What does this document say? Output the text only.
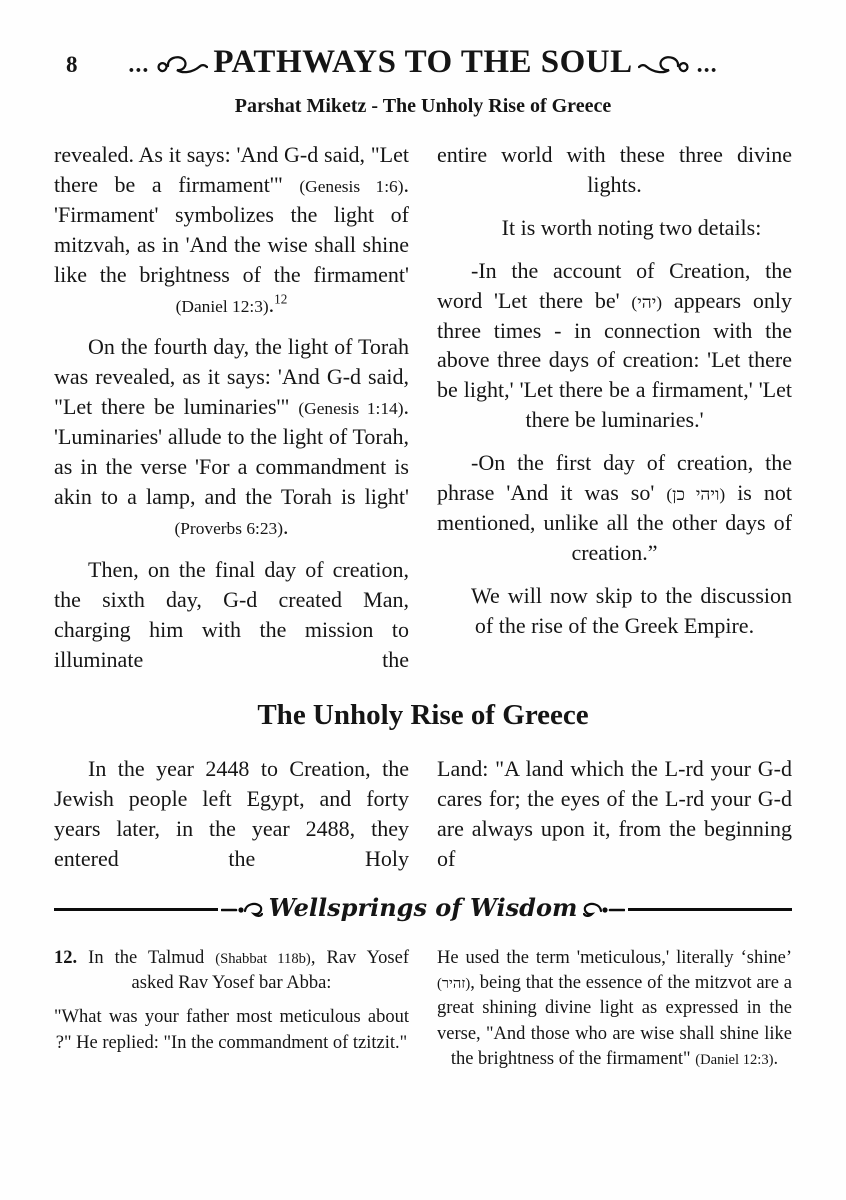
8 ... PATHWAYS TO THE SOUL	...
Parshat Miketz - The Unholy Rise of Greece

revealed. As it says: 'And G-d said, "Let there be a firmament'" (Genesis 1:6). 'Firmament' symbolizes the light of mitzvah, as in 'And the wise shall shine like the brightness of the firmament' (Daniel 12:3).$^{12}$

On the fourth day, the light of Torah was revealed, as it says: 'And G-d said, "Let there be luminaries'" (Genesis 1:14). 'Luminaries' allude to the light of Torah, as in the verse 'For a commandment is akin to a lamp, and the Torah is light' (Proverbs 6:23).

Then, on the final day of creation, the sixth day, G-d created Man, charging him with the mission to illuminate the

entire world with these three divine lights.

It is worth noting two details:

-In the account of Creation, the word 'Let there be' (יהי) appears only three times - in connection with the above three days of creation: 'Let there be light,' 'Let there be a firmament,' 'Let there be luminaries.'

-On the first day of creation, the phrase 'And it was so' (ויהי כן) is not mentioned, unlike all the other days of creation.”

We will now skip to the discussion of the rise of the Greek Empire.

The Unholy Rise of Greece

In the year 2448 to Creation, the Jewish people left Egypt, and forty years later, in the year 2488, they entered the Holy

Land: "A land which the L-rd your G-d cares for; the eyes of the L-rd your G-d are always upon it, from the beginning of

Wellsprings of Wisdom

12. In the Talmud (Shabbat 118b), Rav Yosef asked Rav Yosef bar Abba:

"What was your father most meticulous about ?" He replied: "In the commandment of tzitzit."

He used the term 'meticulous,' literally ‘shine’ (זהיר), being that the essence of the mitzvot are a great shining divine light as expressed in the verse, "And those who are wise shall shine like the brightness of the firmament" (Daniel 12:3).
